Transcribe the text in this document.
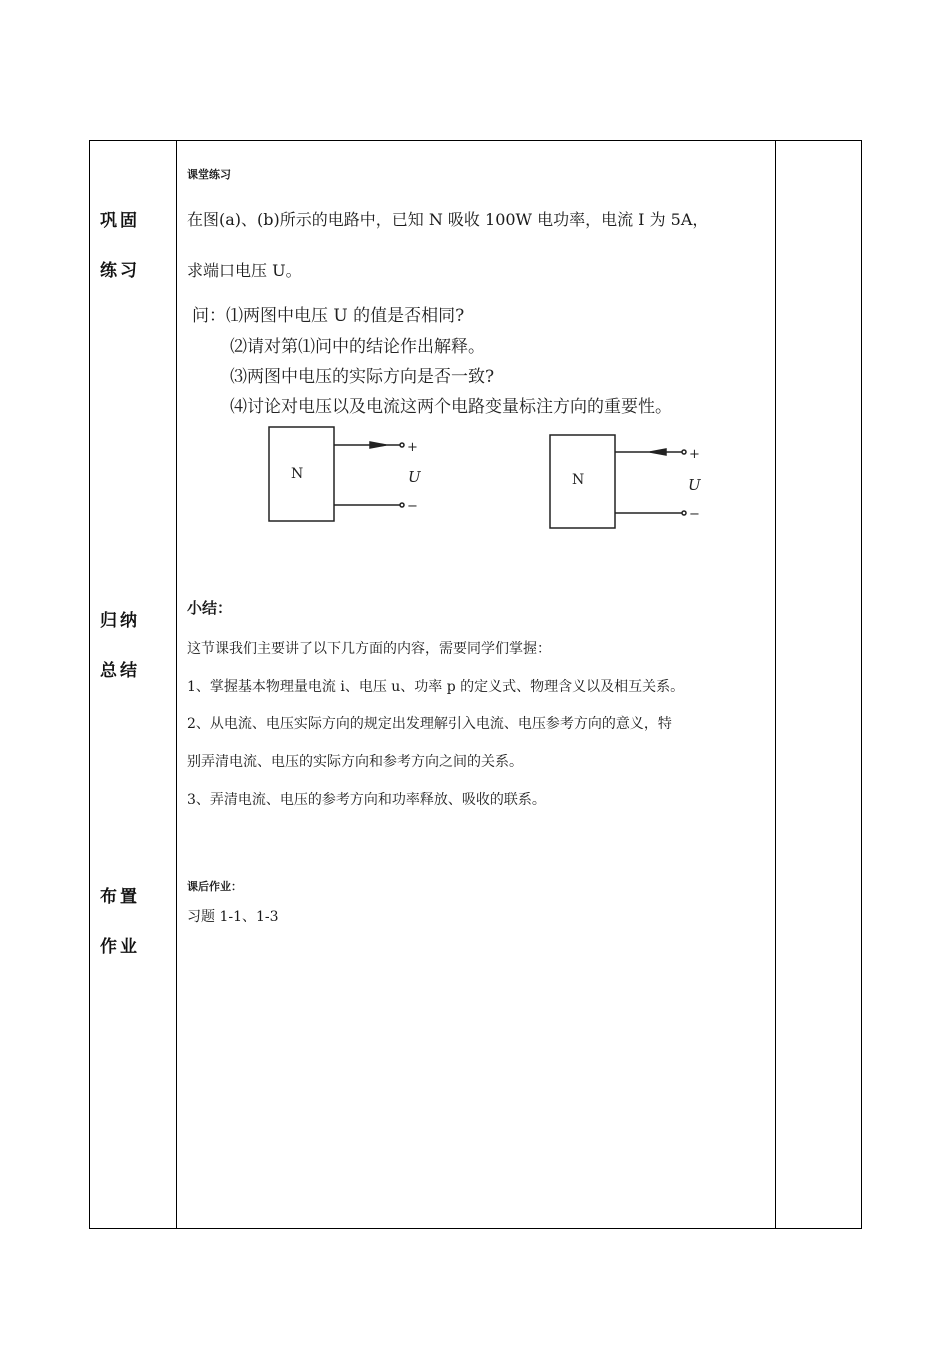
巩固
练习
归纳
总结
布置
作业
课堂练习
在图(a)、(b)所示的电路中，已知 N 吸收 100W 电功率，电流 I 为 5A，
求端口电压 U。
问：⑴两图中电压 U 的值是否相同?
⑵请对第⑴问中的结论作出解释。
⑶两图中电压的实际方向是否一致?
⑷讨论对电压以及电流这两个电路变量标注方向的重要性。
N
+
−
U	N
+
−
U
小结：
这节课我们主要讲了以下几方面的内容，需要同学们掌握：
1、掌握基本物理量电流 i、电压 u、功率 p 的定义式、物理含义以及相互关系。
2、从电流、电压实际方向的规定出发理解引入电流、电压参考方向的意义，特
别弄清电流、电压的实际方向和参考方向之间的关系。
3、弄清电流、电压的参考方向和功率释放、吸收的联系。
课后作业：
习题 1-1、1-3
